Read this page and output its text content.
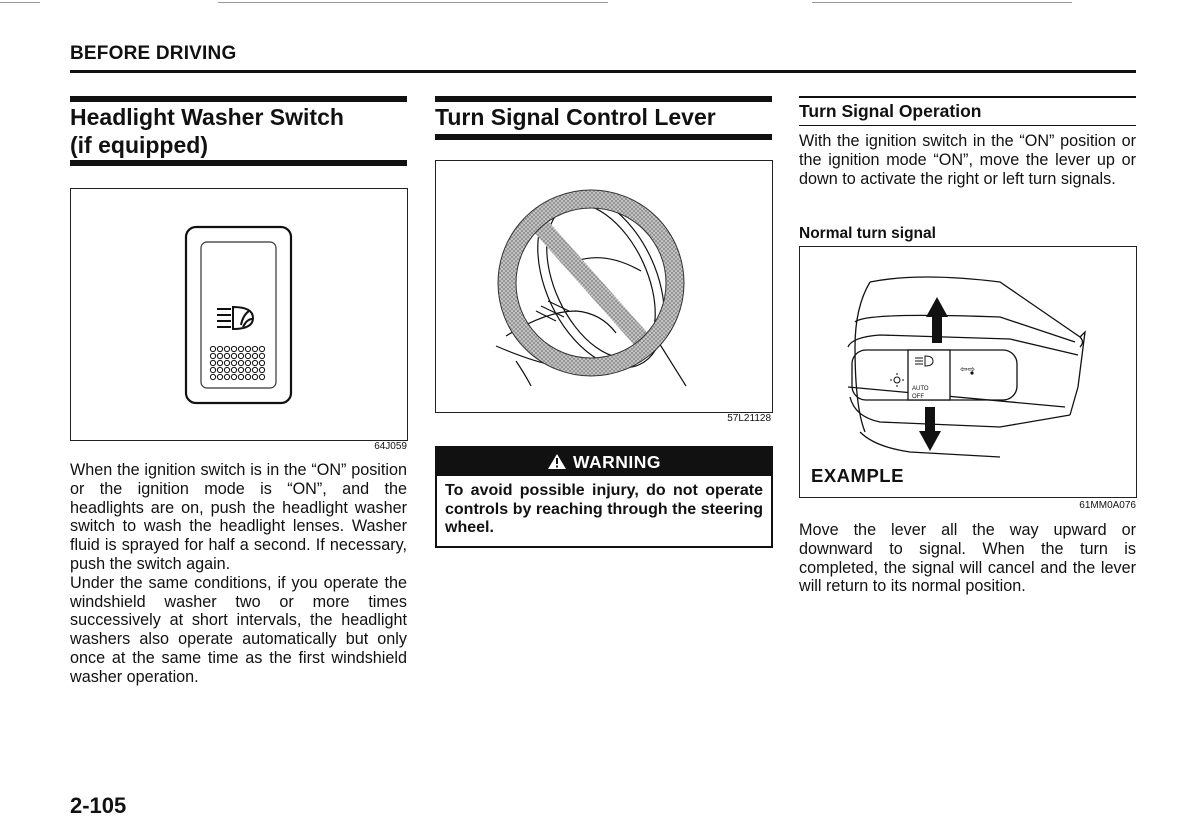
BEFORE DRIVING
Headlight Washer Switch
(if equipped)
64J059

When the ignition switch is in the “ON” position or the ignition mode is “ON”, and the headlights are on, push the headlight washer switch to wash the headlight lenses. Washer fluid is sprayed for half a second. If necessary, push the switch again.

Under the same conditions, if you operate the windshield washer two or more times successively at short intervals, the headlight washers also operate automatically but only once at the same time as the first windshield washer operation.

Turn Signal Control Lever
57L21128
WARNING
To avoid possible injury, do not operate controls by reaching through the steering wheel.
Turn Signal Operation
With the ignition switch in the “ON” position or the ignition mode “ON”, move the lever up or down to activate the right or left turn signals.
Normal turn signal
AUTO
OFF
⇦⇨
EXAMPLE
61MM0A076
Move the lever all the way upward or downward to signal. When the turn is completed, the signal will cancel and the lever will return to its normal position.
2-105
